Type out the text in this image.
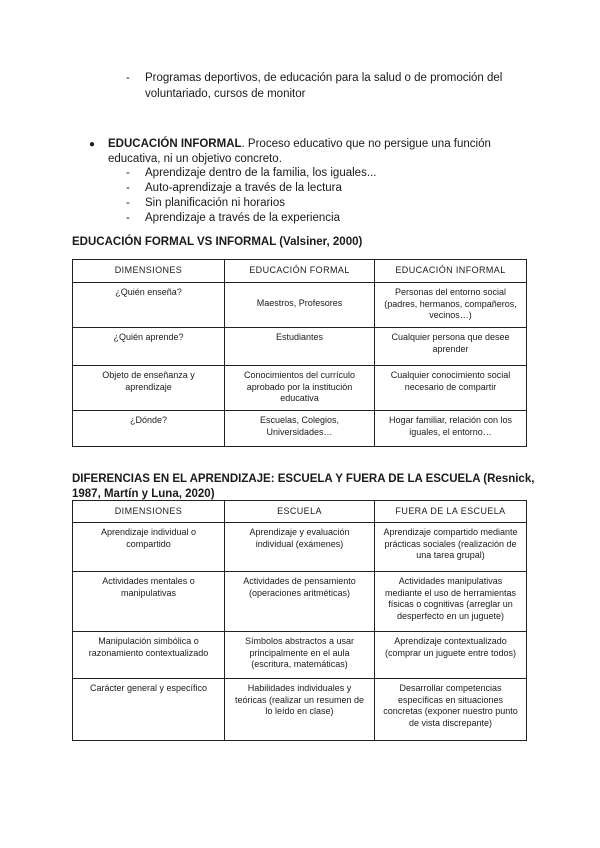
- Programas deportivos, de educación para la salud o de promoción del
voluntariado, cursos de monitor
● EDUCACIÓN INFORMAL. Proceso educativo que no persigue una función
educativa, ni un objetivo concreto.
- Aprendizaje dentro de la familia, los iguales...
- Auto-aprendizaje a través de la lectura
- Sin planificación ni horarios
- Aprendizaje a través de la experiencia
EDUCACIÓN FORMAL VS INFORMAL (Valsiner, 2000)
DIMENSIONES	EDUCACIÓN FORMAL	EDUCACIÓN INFORMAL
¿Quién enseña?	Maestros, Profesores	Personas del entorno social (padres, hermanos, compañeros, vecinos…)
¿Quién aprende?	Estudiantes	Cualquier persona que desee aprender
Objeto de enseñanza y aprendizaje	Conocimientos del currículo aprobado por la institución educativa	Cualquier conocimiento social necesario de compartir
¿Dónde?	Escuelas, Colegios, Universidades…	Hogar familiar, relación con los iguales, el entorno…
DIFERENCIAS EN EL APRENDIZAJE: ESCUELA Y FUERA DE LA ESCUELA (Resnick,
1987, Martín y Luna, 2020)
DIMENSIONES	ESCUELA	FUERA DE LA ESCUELA
Aprendizaje individual o compartido	Aprendizaje y evaluación individual (exámenes)	Aprendizaje compartido mediante prácticas sociales (realización de una tarea grupal)
Actividades mentales o manipulativas	Actividades de pensamiento (operaciones aritméticas)	Actividades manipulativas mediante el uso de herramientas físicas o cognitivas (arreglar un desperfecto en un juguete)
Manipulación simbólica o razonamiento contextualizado	Símbolos abstractos a usar principalmente en el aula (escritura, matemáticas)	Aprendizaje contextualizado (comprar un juguete entre todos)
Carácter general y específico	Habilidades individuales y teóricas (realizar un resumen de lo leído en clase)	Desarrollar competencias específicas en situaciones concretas (exponer nuestro punto de vista discrepante)
